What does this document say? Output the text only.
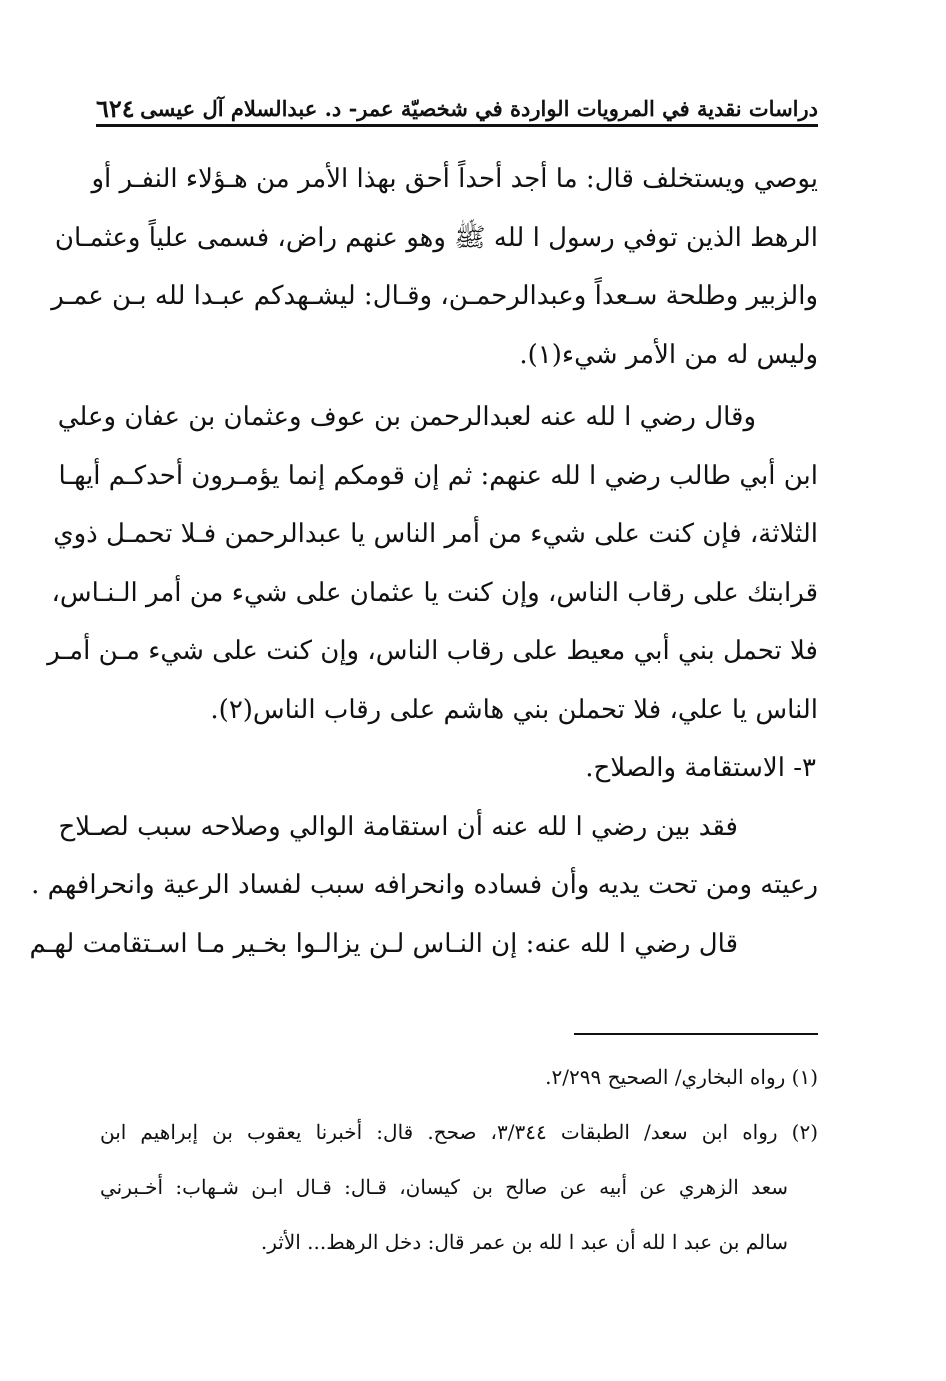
دراسات نقدية في المرويات الواردة في شخصيّة عمر- د. عبدالسلام آل عيسى
٦٢٤
يوصي ويستخلف قال: ما أجد أحداً أحق بهذا الأمر من هـؤلاء النفـر أو
الرهط الذين توفي رسول ا لله ﷺ وهو عنهم راض، فسمى علياً وعثمـان
والزبير وطلحة سـعداً وعبدالرحمـن، وقـال: ليشـهدكم عبـدا لله بـن عمـر
وليس له من الأمر شيء(١).
وقال رضي ا لله عنه لعبدالرحمن بن عوف وعثمان بن عفان وعلي
ابن أبي طالب رضي ا لله عنهم: ثم إن قومكم إنما يؤمـرون أحدكـم أيهـا
الثلاثة، فإن كنت على شيء من أمر الناس يا عبدالرحمن فـلا تحمـل ذوي
قرابتك على رقاب الناس، وإن كنت يا عثمان على شيء من أمر الـنـاس،
فلا تحمل بني أبي معيط على رقاب الناس، وإن كنت على شيء مـن أمـر
الناس يا علي، فلا تحملن بني هاشم على رقاب الناس(٢).
٣- الاستقامة والصلاح.
فقد بين رضي ا لله عنه أن استقامة الوالي وصلاحه سبب لصـلاح
رعيته ومن تحت يديه وأن فساده وانحرافه سبب لفساد الرعية وانحرافهم .
قال رضي ا لله عنه: إن النـاس لـن يزالـوا بخـير مـا اسـتقامت لهـم
(١) رواه البخاري/ الصحيح ٢/٢٩٩.
(٢) رواه ابن سعد/ الطبقات ٣/٣٤٤، صحح. قال: أخبرنا يعقوب بن إبراهيم ابن
سعد الزهري عن أبيه عن صالح بن كيسان، قـال: قـال ابـن شـهاب: أخـبرني
سالم بن عبد ا لله أن عبد ا لله بن عمر قال: دخل الرهط... الأثر.
